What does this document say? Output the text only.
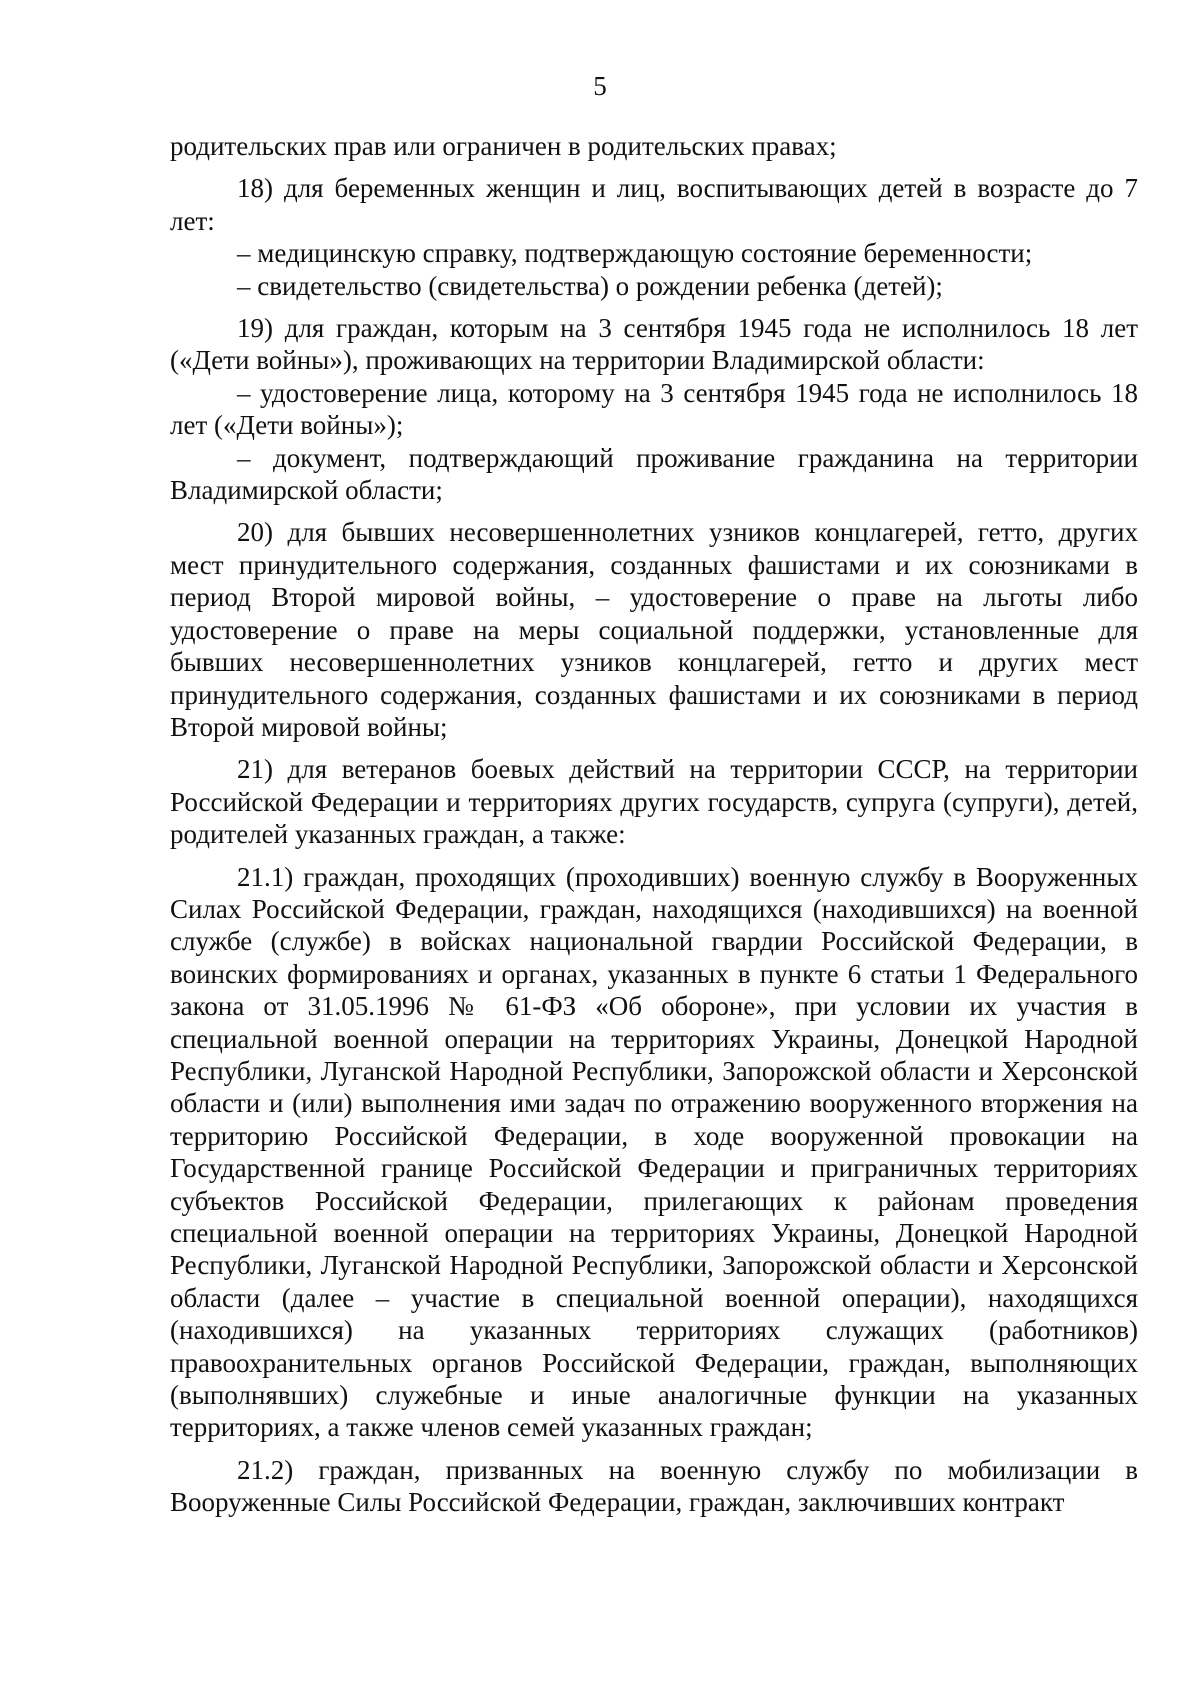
5

родительских прав или ограничен в родительских правах;

18) для беременных женщин и лиц, воспитывающих детей в возрасте до 7 лет:

– медицинскую справку, подтверждающую состояние беременности;

– свидетельство (свидетельства) о рождении ребенка (детей);

19) для граждан, которым на 3 сентября 1945 года не исполнилось 18 лет («Дети войны»), проживающих на территории Владимирской области:

– удостоверение лица, которому на 3 сентября 1945 года не исполнилось 18 лет («Дети войны»);

– документ, подтверждающий проживание гражданина на территории Владимирской области;

20) для бывших несовершеннолетних узников концлагерей, гетто, других мест принудительного содержания, созданных фашистами и их союзниками в период Второй мировой войны, – удостоверение о праве на льготы либо удостоверение о праве на меры социальной поддержки, установленные для бывших несовершеннолетних узников концлагерей, гетто и других мест принудительного содержания, созданных фашистами и их союзниками в период Второй мировой войны;

21) для ветеранов боевых действий на территории СССР, на территории Российской Федерации и территориях других государств, супруга (супруги), детей, родителей указанных граждан, а также:

21.1) граждан, проходящих (проходивших) военную службу в Вооруженных Силах Российской Федерации, граждан, находящихся (находившихся) на военной службе (службе) в войсках национальной гвардии Российской Федерации, в воинских формированиях и органах, указанных в пункте 6 статьи 1 Федерального закона от 31.05.1996 № 61-ФЗ «Об обороне», при условии их участия в специальной военной операции на территориях Украины, Донецкой Народной Республики, Луганской Народной Республики, Запорожской области и Херсонской области и (или) выполнения ими задач по отражению вооруженного вторжения на территорию Российской Федерации, в ходе вооруженной провокации на Государственной границе Российской Федерации и приграничных территориях субъектов Российской Федерации, прилегающих к районам проведения специальной военной операции на территориях Украины, Донецкой Народной Республики, Луганской Народной Республики, Запорожской области и Херсонской области (далее – участие в специальной военной операции), находящихся (находившихся) на указанных территориях служащих (работников) правоохранительных органов Российской Федерации, граждан, выполняющих (выполнявших) служебные и иные аналогичные функции на указанных территориях, а также членов семей указанных граждан;

21.2) граждан, призванных на военную службу по мобилизации в Вооруженные Силы Российской Федерации, граждан, заключивших контракт
